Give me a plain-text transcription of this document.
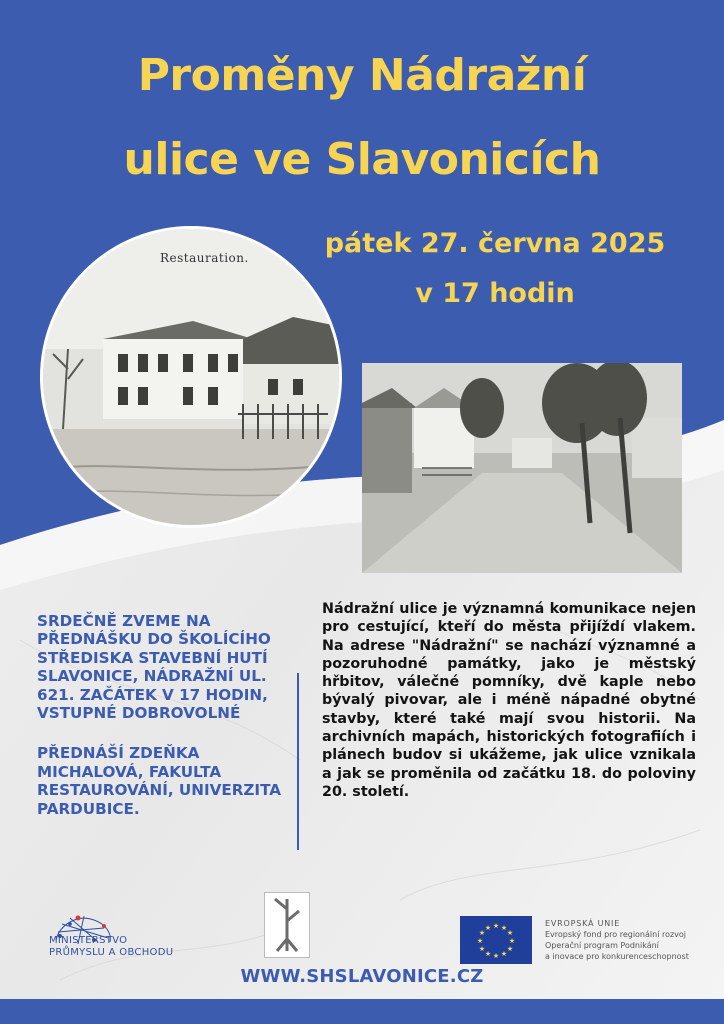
Proměny Nádražní
ulice ve Slavonicích
pátek 27. června 2025
v 17 hodin
Restauration.

SRDEČNĚ ZVEME NA PŘEDNÁŠKU DO ŠKOLÍCÍHO STŘEDISKA STAVEBNÍ HUTÍ SLAVONICE, NÁDRAŽNÍ UL. 621. ZAČÁTEK V 17 HODIN, VSTUPNÉ DOBROVOLNÉ

PŘEDNÁŠÍ ZDEŇKA MICHALOVÁ, FAKULTA RESTAUROVÁNÍ, UNIVERZITA PARDUBICE.

Nádražní ulice je významná komunikace nejen pro cestující, kteří do města přijíždí vlakem. Na adrese "Nádražní" se nachází významné a pozoruhodné památky, jako je městský hřbitov, válečné pomníky, dvě kaple nebo bývalý pivovar, ale i méně nápadné obytné stavby, které také mají svou historii. Na archivních mapách, historických fotografiích i plánech budov si ukážeme, jak ulice vznikala a jak se proměnila od začátku 18. do poloviny 20. století.
MINISTERSTVO
PRŮMYSLU A OBCHODU
★ ★
★
★
★
★
★
★
★
★
★
★	EVROPSKÁ UNIE
Evropský fond pro regionální rozvoj
Operační program Podnikání
a inovace pro konkurenceschopnost
WWW.SHSLAVONICE.CZ
